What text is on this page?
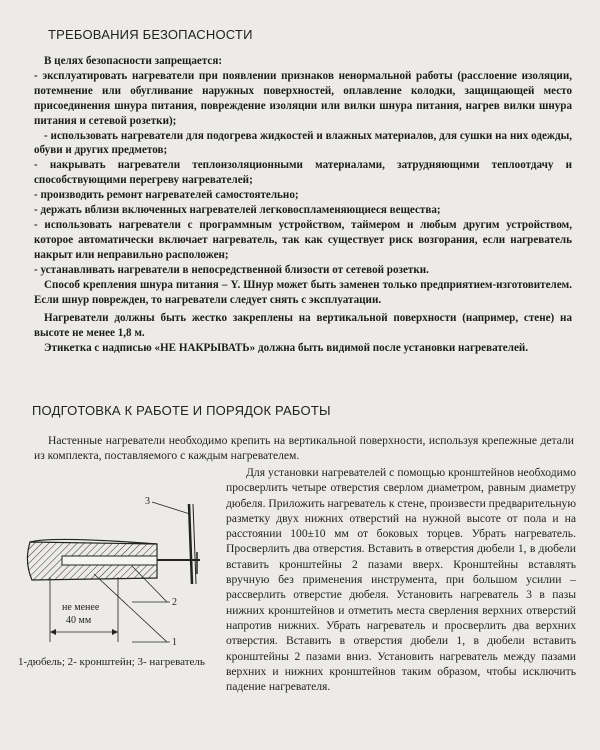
ТРЕБОВАНИЯ БЕЗОПАСНОСТИ

В целях безопасности запрещается:

- эксплуатировать нагреватели при появлении признаков ненормальной работы (расслоение изоляции, потемнение или обугливание наружных поверхностей, оплавление колодки, защищающей место присоединения шнура питания, повреждение изоляции или вилки шнура питания, нагрев вилки шнура питания и сетевой розетки);

- использовать нагреватели для подогрева жидкостей и влажных материалов, для сушки на них одежды, обуви и других предметов;

- накрывать нагреватели теплоизоляционными материалами, затрудняющими теплоотдачу и способствующими перегреву нагревателей;

- производить ремонт нагревателей самостоятельно;

- держать вблизи включенных нагревателей легковоспламеняющиеся вещества;

- использовать нагреватели с программным устройством, таймером и любым другим устройством, которое автоматически включает нагреватель, так как существует риск возгорания, если нагреватель накрыт или неправильно расположен;

- устанавливать нагреватели в непосредственной близости от сетевой розетки.

Способ крепления шнура питания – Y. Шнур может быть заменен только предприятием-изготовителем. Если шнур поврежден, то нагреватели следует снять с эксплуатации.

Нагреватели должны быть жестко закреплены на вертикальной поверхности (например, стене) на высоте не менее 1,8 м.

Этикетка с надписью «НЕ НАКРЫВАТЬ» должна быть видимой после установки нагревателей.

ПОДГОТОВКА К РАБОТЕ И ПОРЯДОК РАБОТЫ
Настенные нагреватели необходимо крепить на вертикальной поверхности, используя крепежные детали из комплекта, поставляемого с каждым нагревателем.
не менее
40 мм
3
2
1
1-дюбель; 2- кронштейн; 3- нагреватель
Для установки нагревателей с помощью кронштейнов необходимо просверлить четыре отверстия сверлом диаметром, равным диаметру дюбеля. Приложить нагреватель к стене, произвести предварительную разметку двух нижних отверстий на нужной высоте от пола и на расстоянии 100±10 мм от боковых торцев. Убрать нагреватель. Просверлить два отверстия. Вставить в отверстия дюбели 1, в дюбели вставить кронштейны 2 пазами вверх. Кронштейны вставлять вручную без применения инструмента, при большом усилии – рассверлить отверстие дюбеля. Установить нагреватель 3 в пазы нижних кронштейнов и отметить места сверления верхних отверстий напротив нижних. Убрать нагреватель и просверлить два верхних отверстия. Вставить в отверстия дюбели 1, в дюбели вставить кронштейны 2 пазами вниз. Установить нагреватель между пазами верхних и нижних кронштейнов таким образом, чтобы исключить падение нагревателя.
